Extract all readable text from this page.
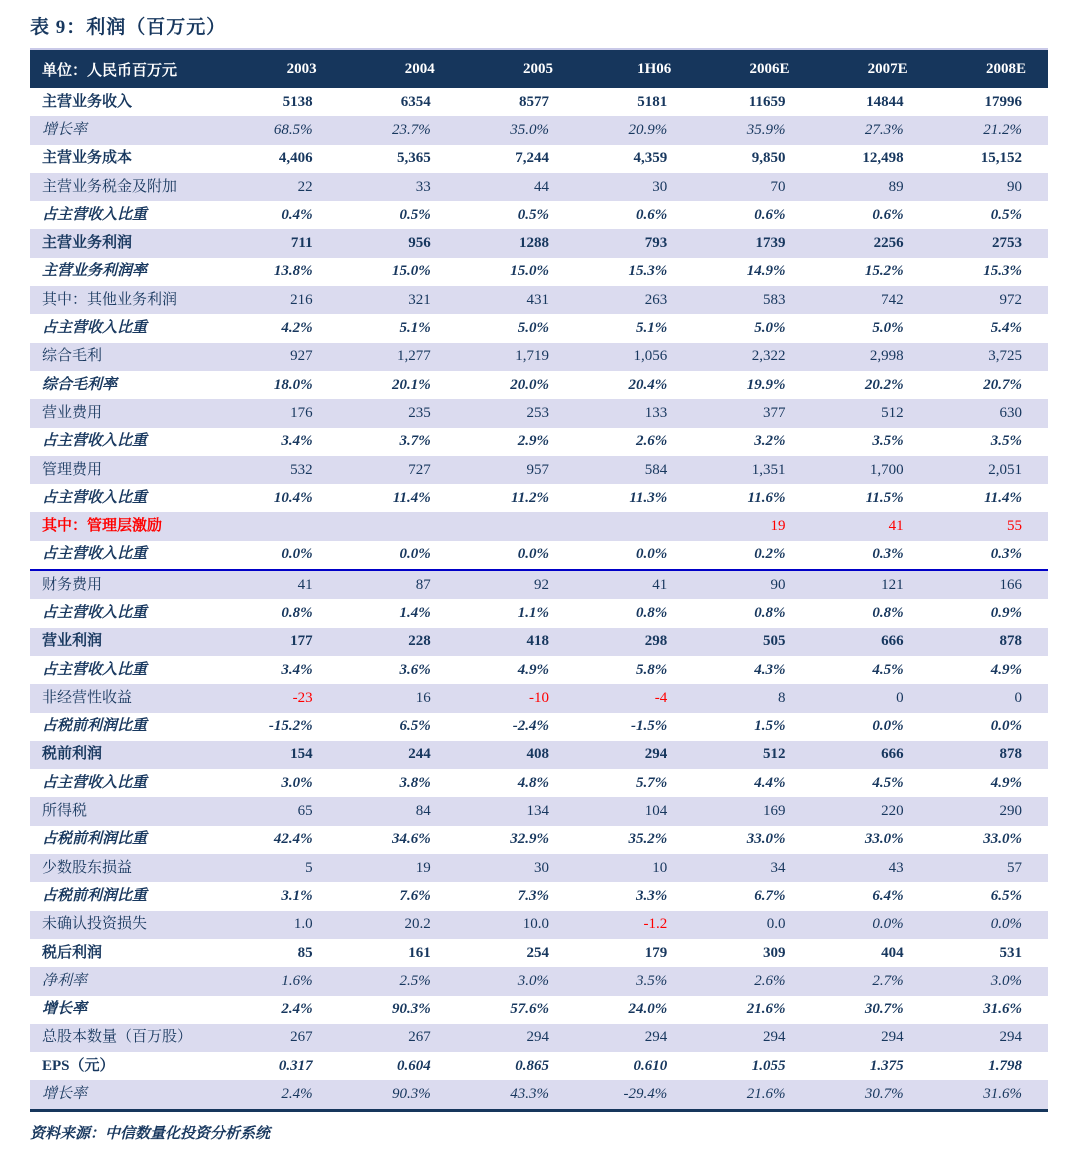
表 9：利润（百万元）
单位：人民币百万元	2003	2004	2005	1H06	2006E	2007E	2008E
主营业务收入	5138	6354	8577	5181	11659	14844	17996
增长率	68.5%	23.7%	35.0%	20.9%	35.9%	27.3%	21.2%
主营业务成本	4,406	5,365	7,244	4,359	9,850	12,498	15,152
主营业务税金及附加	22	33	44	30	70	89	90
占主营收入比重	0.4%	0.5%	0.5%	0.6%	0.6%	0.6%	0.5%
主营业务利润	711	956	1288	793	1739	2256	2753
主营业务利润率	13.8%	15.0%	15.0%	15.3%	14.9%	15.2%	15.3%
其中：其他业务利润	216	321	431	263	583	742	972
占主营收入比重	4.2%	5.1%	5.0%	5.1%	5.0%	5.0%	5.4%
综合毛利	927	1,277	1,719	1,056	2,322	2,998	3,725
综合毛利率	18.0%	20.1%	20.0%	20.4%	19.9%	20.2%	20.7%
营业费用	176	235	253	133	377	512	630
占主营收入比重	3.4%	3.7%	2.9%	2.6%	3.2%	3.5%	3.5%
管理费用	532	727	957	584	1,351	1,700	2,051
占主营收入比重	10.4%	11.4%	11.2%	11.3%	11.6%	11.5%	11.4%
其中：管理层激励					19	41	55
占主营收入比重	0.0%	0.0%	0.0%	0.0%	0.2%	0.3%	0.3%
财务费用	41	87	92	41	90	121	166
占主营收入比重	0.8%	1.4%	1.1%	0.8%	0.8%	0.8%	0.9%
营业利润	177	228	418	298	505	666	878
占主营收入比重	3.4%	3.6%	4.9%	5.8%	4.3%	4.5%	4.9%
非经营性收益	-23	16	-10	-4	8	0	0
占税前利润比重	-15.2%	6.5%	-2.4%	-1.5%	1.5%	0.0%	0.0%
税前利润	154	244	408	294	512	666	878
占主营收入比重	3.0%	3.8%	4.8%	5.7%	4.4%	4.5%	4.9%
所得税	65	84	134	104	169	220	290
占税前利润比重	42.4%	34.6%	32.9%	35.2%	33.0%	33.0%	33.0%
少数股东损益	5	19	30	10	34	43	57
占税前利润比重	3.1%	7.6%	7.3%	3.3%	6.7%	6.4%	6.5%
未确认投资损失	1.0	20.2	10.0	-1.2	0.0	0.0%	0.0%
税后利润	85	161	254	179	309	404	531
净利率	1.6%	2.5%	3.0%	3.5%	2.6%	2.7%	3.0%
增长率	2.4%	90.3%	57.6%	24.0%	21.6%	30.7%	31.6%
总股本数量（百万股）	267	267	294	294	294	294	294
EPS（元）	0.317	0.604	0.865	0.610	1.055	1.375	1.798
增长率	2.4%	90.3%	43.3%	-29.4%	21.6%	30.7%	31.6%
资料来源：中信数量化投资分析系统
